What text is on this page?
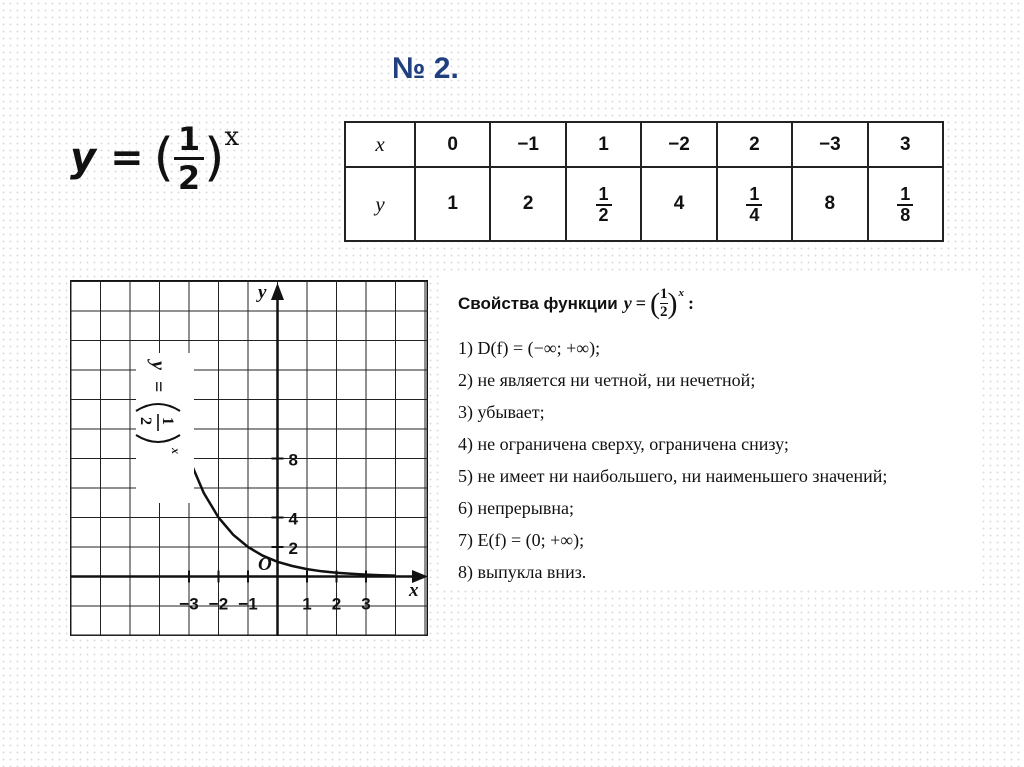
№ 2.
y = ( $\frac{1}{2}$ ) x	x	0	−1	1	−2	2	−3	3
y	1	2	$\frac{1}{2}$	4	$\frac{1}{4}$	8	$\frac{1}{8}$
x
y
O
−3 −2 −1	1 2 3
2
4
8
y
=
1
2
x
Свойства функции y = ( 1
2 ) x :
1) D(f) = (−∞; +∞);
2) не является ни четной, ни нечетной;
3) убывает;
4) не ограничена сверху, ограничена снизу;
5) не имеет ни наибольшего, ни наименьшего значений;
6) непрерывна;
7) E(f) = (0; +∞);
8) выпукла вниз.
